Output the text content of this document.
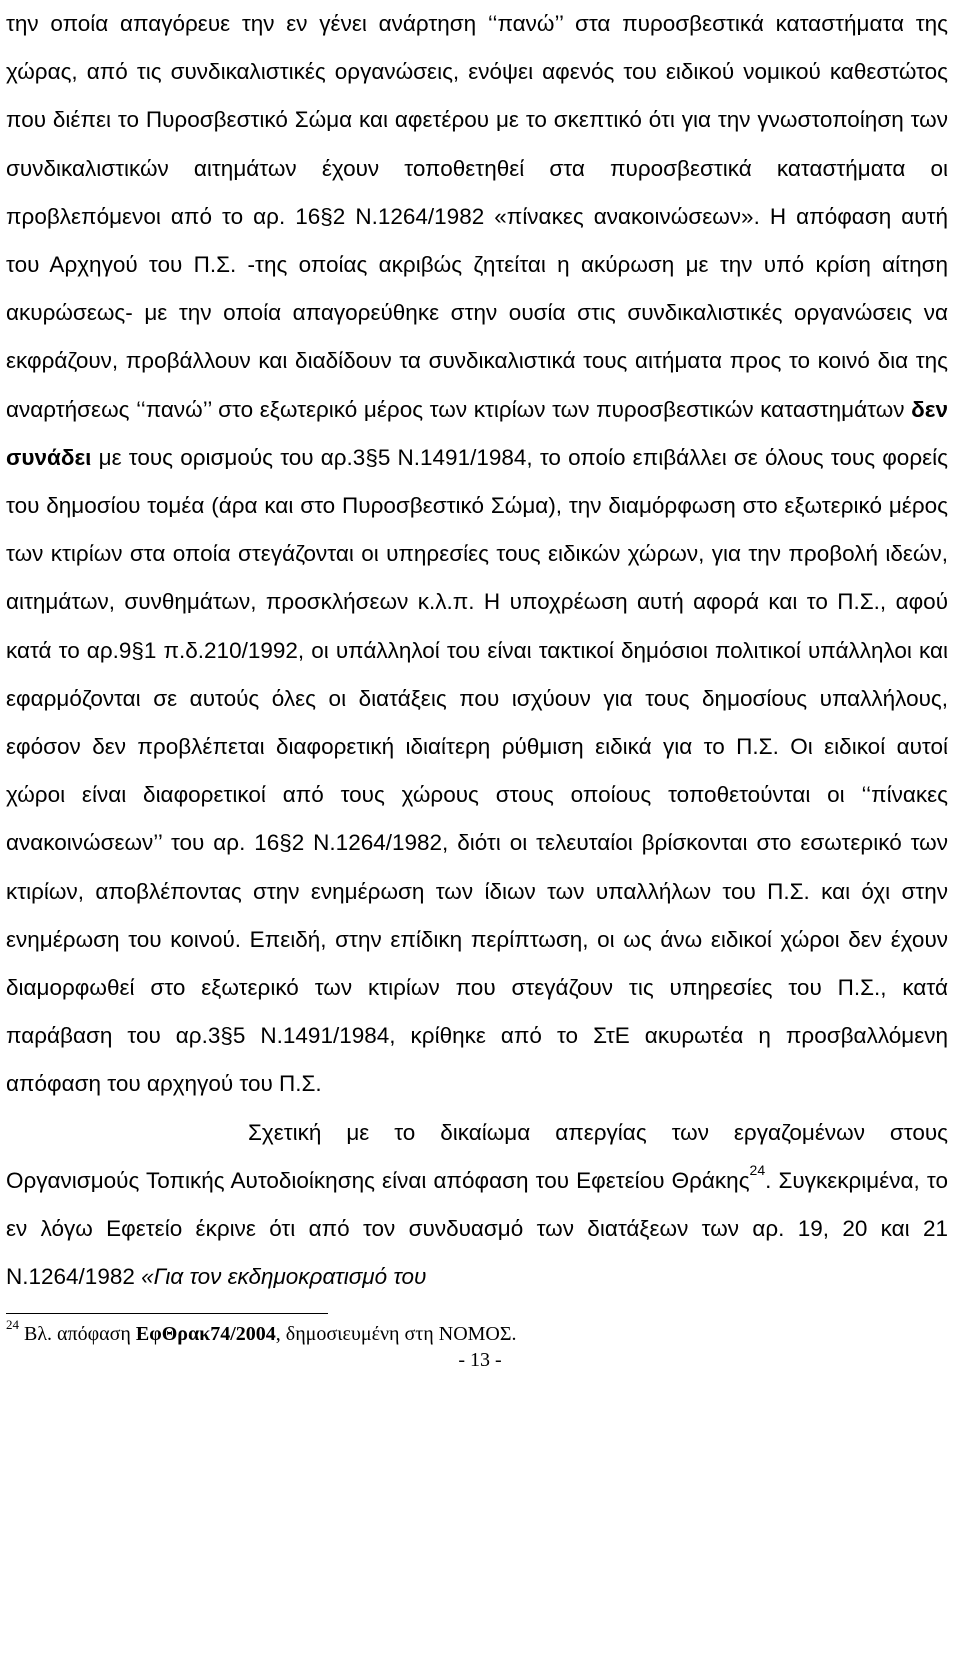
την οποία απαγόρευε την εν γένει ανάρτηση ‘‘πανώ’’ στα πυροσβεστικά καταστήματα της χώρας, από τις συνδικαλιστικές οργανώσεις, ενόψει αφενός του ειδικού νομικού καθεστώτος που διέπει το Πυροσβεστικό Σώμα και αφετέρου με το σκεπτικό ότι για την γνωστοποίηση των συνδικαλιστικών αιτημάτων έχουν τοποθετηθεί στα πυροσβεστικά καταστήματα οι προβλεπόμενοι από το αρ. 16§2 Ν.1264/1982 «πίνακες ανακοινώσεων». Η απόφαση αυτή του Αρχηγού του Π.Σ. -της οποίας ακριβώς ζητείται η ακύρωση με την υπό κρίση αίτηση ακυρώσεως- με την οποία απαγορεύθηκε στην ουσία στις συνδικαλιστικές οργανώσεις να εκφράζουν, προβάλλουν και διαδίδουν τα συνδικαλιστικά τους αιτήματα προς το κοινό δια της αναρτήσεως ‘‘πανώ’’ στο εξωτερικό μέρος των κτιρίων των πυροσβεστικών καταστημάτων δεν συνάδει με τους ορισμούς του αρ.3§5 Ν.1491/1984, το οποίο επιβάλλει σε όλους τους φορείς του δημοσίου τομέα (άρα και στο Πυροσβεστικό Σώμα), την διαμόρφωση στο εξωτερικό μέρος των κτιρίων στα οποία στεγάζονται οι υπηρεσίες τους ειδικών χώρων, για την προβολή ιδεών, αιτημάτων, συνθημάτων, προσκλήσεων κ.λ.π. Η υποχρέωση αυτή αφορά και το Π.Σ., αφού κατά το αρ.9§1 π.δ.210/1992, οι υπάλληλοί του είναι τακτικοί δημόσιοι πολιτικοί υπάλληλοι και εφαρμόζονται σε αυτούς όλες οι διατάξεις που ισχύουν για τους δημοσίους υπαλλήλους, εφόσον δεν προβλέπεται διαφορετική ιδιαίτερη ρύθμιση ειδικά για το Π.Σ. Οι ειδικοί αυτοί χώροι είναι διαφορετικοί από τους χώρους στους οποίους τοποθετούνται οι ‘‘πίνακες ανακοινώσεων’’ του αρ. 16§2 Ν.1264/1982, διότι οι τελευταίοι βρίσκονται στο εσωτερικό των κτιρίων, αποβλέποντας στην ενημέρωση των ίδιων των υπαλλήλων του Π.Σ. και όχι στην ενημέρωση του κοινού. Επειδή, στην επίδικη περίπτωση, οι ως άνω ειδικοί χώροι δεν έχουν διαμορφωθεί στο εξωτερικό των κτιρίων που στεγάζουν τις υπηρεσίες του Π.Σ., κατά παράβαση του αρ.3§5 Ν.1491/1984, κρίθηκε από το ΣτΕ ακυρωτέα η προσβαλλόμενη απόφαση του αρχηγού του Π.Σ.

Σχετική με το δικαίωμα απεργίας των εργαζομένων στους Οργανισμούς Τοπικής Αυτοδιοίκησης είναι απόφαση του Εφετείου Θράκης$^{24}$. Συγκεκριμένα, το εν λόγω Εφετείο έκρινε ότι από τον συνδυασμό των διατάξεων των αρ. 19, 20 και 21 Ν.1264/1982 «Για τον εκδημοκρατισμό του

$^{24}$ Βλ. απόφαση ΕφΘρακ74/2004, δημοσιευμένη στη ΝΟΜΟΣ.
- 13 -
